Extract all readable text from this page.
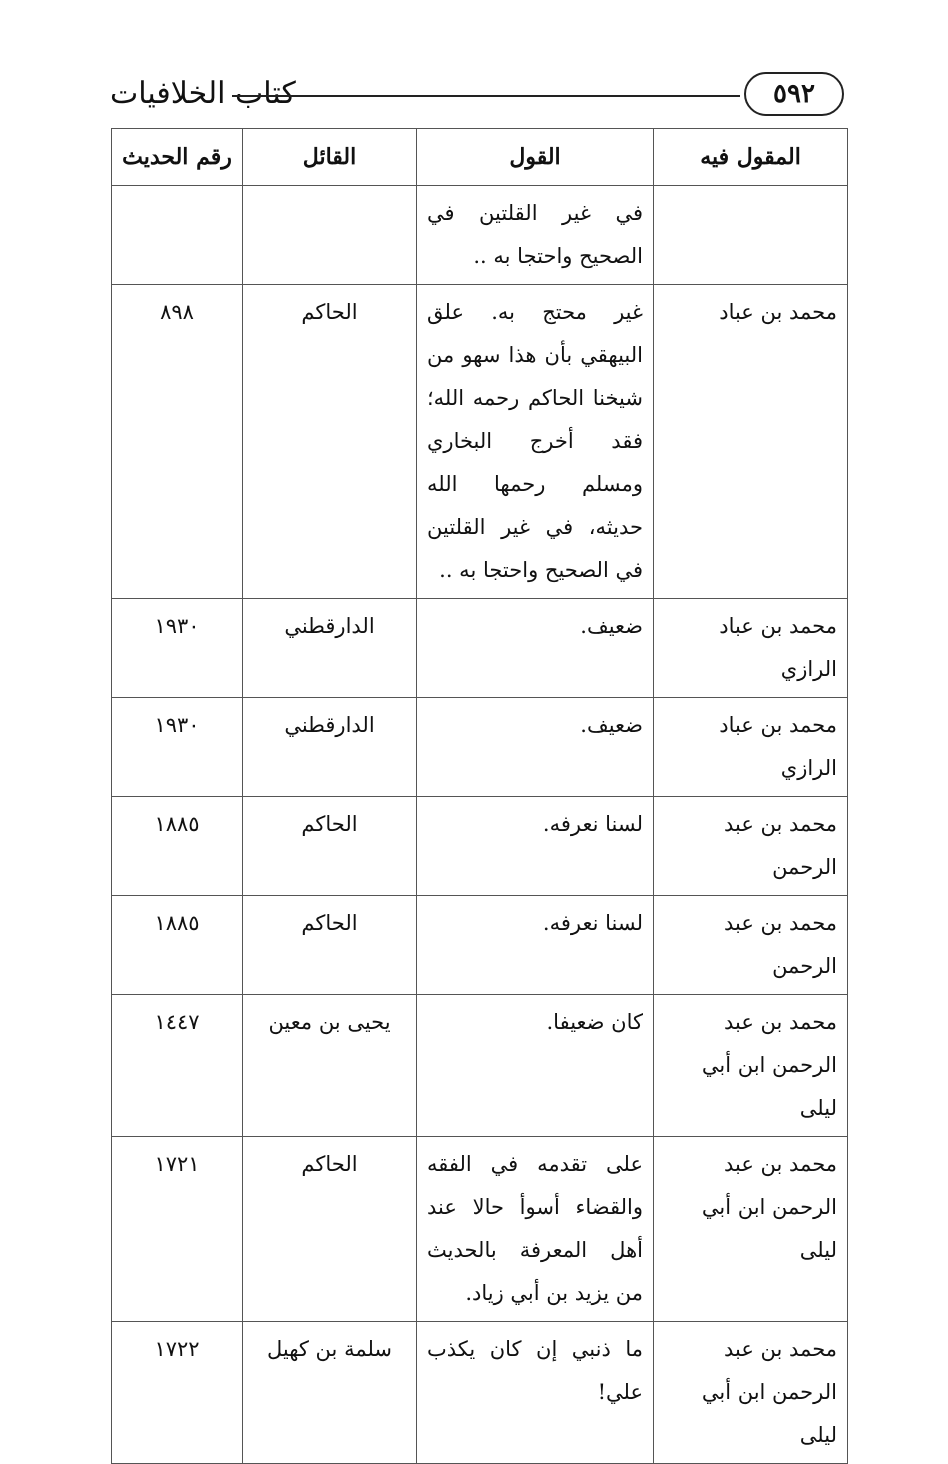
كتاب الخلافيات	٥٩٢
المقول فيه	القول	القائل	رقم الحديث
	في غير القلتين في الصحيح واحتجا به ..		
محمد بن عباد	غير محتج به. علق البيهقي بأن هذا سهو من شيخنا الحاكم رحمه الله؛ فقد أخرج البخاري ومسلم رحمها الله حديثه، في غير القلتين في الصحيح واحتجا به ..	الحاكم	٨٩٨
محمد بن عباد الرازي	ضعيف.	الدارقطني	١٩٣٠
محمد بن عباد الرازي	ضعيف.	الدارقطني	١٩٣٠
محمد بن عبد الرحمن	لسنا نعرفه.	الحاكم	١٨٨٥
محمد بن عبد الرحمن	لسنا نعرفه.	الحاكم	١٨٨٥
محمد بن عبد الرحمن ابن أبي ليلى	كان ضعيفا.	يحيى بن معين	١٤٤٧
محمد بن عبد الرحمن ابن أبي ليلى	على تقدمه في الفقه والقضاء أسوأ حالا عند أهل المعرفة بالحديث من يزيد بن أبي زياد.	الحاكم	١٧٢١
محمد بن عبد الرحمن ابن أبي ليلى	ما ذنبي إن كان يكذب علي!	سلمة بن كهيل	١٧٢٢
